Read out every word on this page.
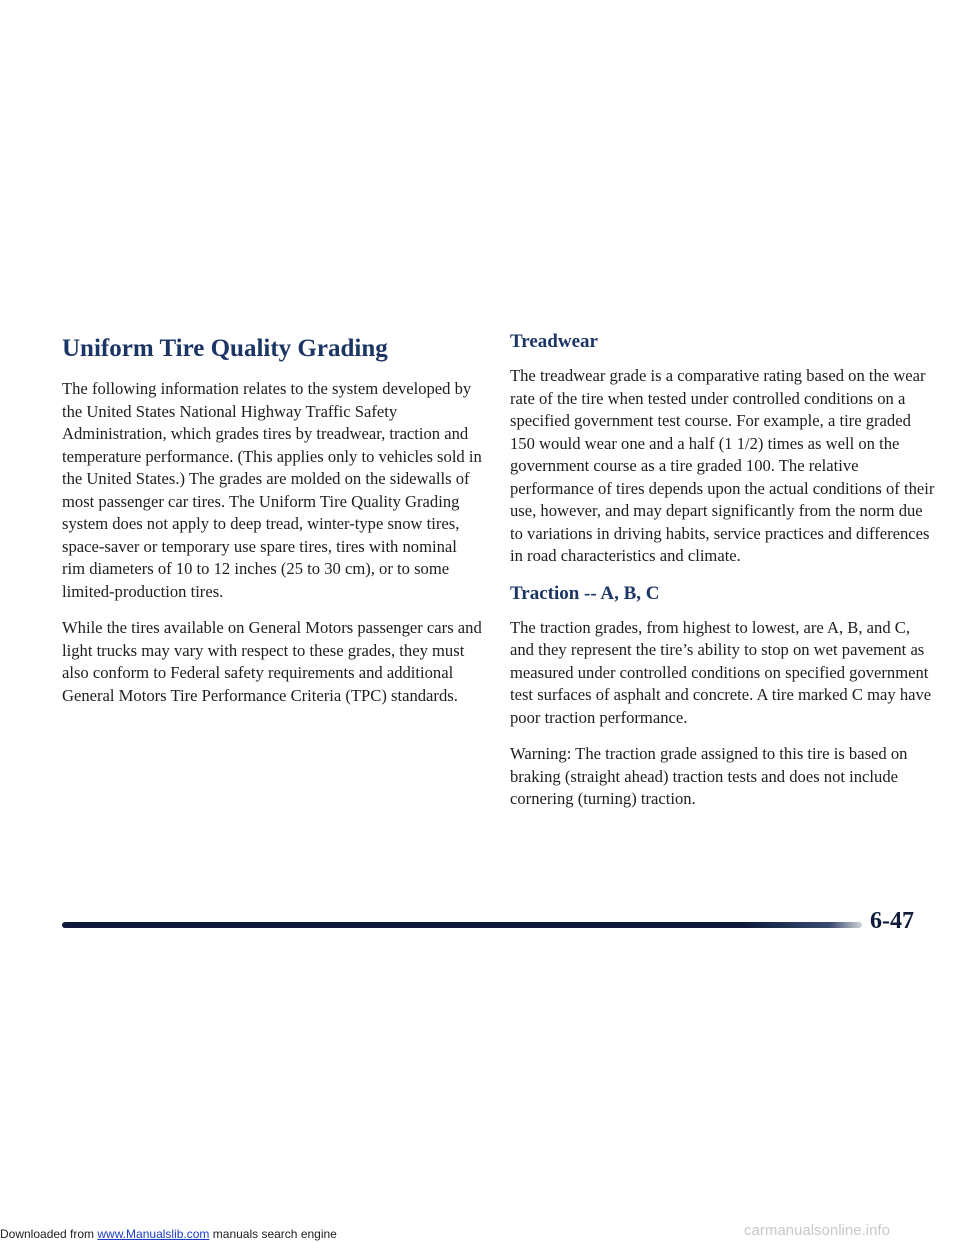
Uniform Tire Quality Grading

The following information relates to the system developed by the United States National Highway Traffic Safety Administration, which grades tires by treadwear, traction and temperature performance. (This applies only to vehicles sold in the United States.) The grades are molded on the sidewalls of most passenger car tires. The Uniform Tire Quality Grading system does not apply to deep tread, winter-type snow tires, space-saver or temporary use spare tires, tires with nominal rim diameters of 10 to 12 inches (25 to 30 cm), or to some limited-production tires.

While the tires available on General Motors passenger cars and light trucks may vary with respect to these grades, they must also conform to Federal safety requirements and additional General Motors Tire Performance Criteria (TPC) standards.

Treadwear

The treadwear grade is a comparative rating based on the wear rate of the tire when tested under controlled conditions on a specified government test course. For example, a tire graded 150 would wear one and a half (1 1/2) times as well on the government course as a tire graded 100. The relative performance of tires depends upon the actual conditions of their use, however, and may depart significantly from the norm due to variations in driving habits, service practices and differences in road characteristics and climate.

Traction -- A, B, C

The traction grades, from highest to lowest, are A, B, and C, and they represent the tire’s ability to stop on wet pavement as measured under controlled conditions on specified government test surfaces of asphalt and concrete. A tire marked C may have poor traction performance.

Warning: The traction grade assigned to this tire is based on braking (straight ahead) traction tests and does not include cornering (turning) traction.

6-47
Downloaded from www.Manualslib.com manuals search engine	carmanualsonline.info
